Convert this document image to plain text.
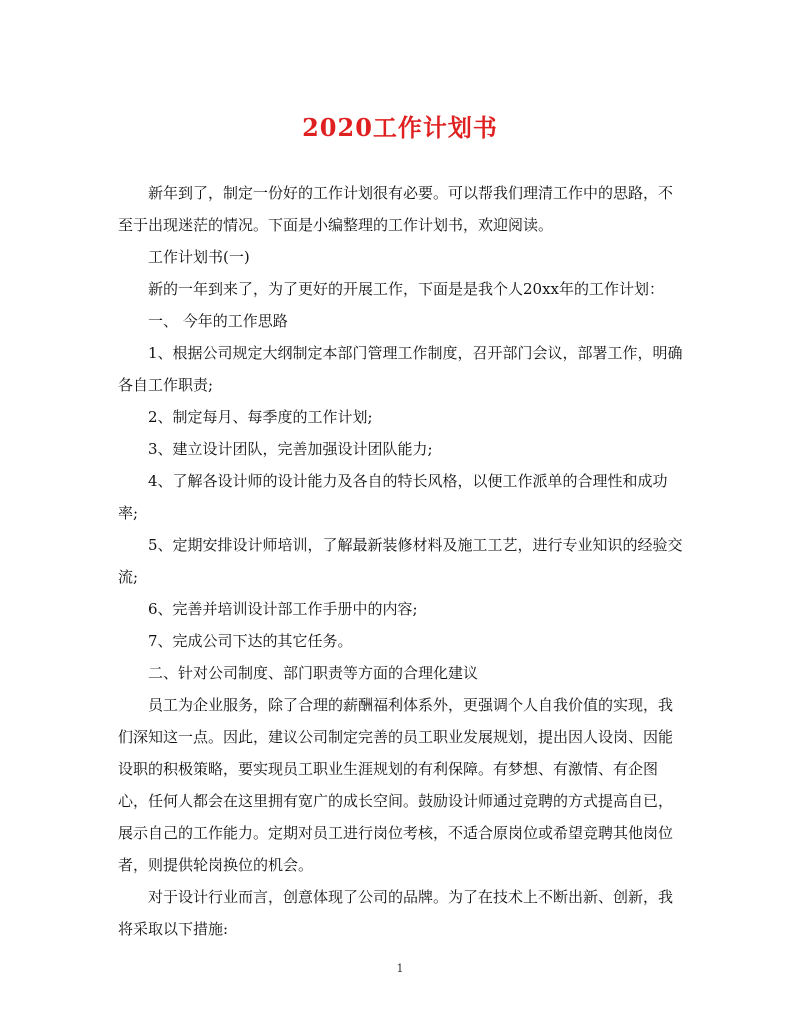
2020工作计划书

新年到了，制定一份好的工作计划很有必要。可以帮我们理清工作中的思路，不至于出现迷茫的情况。下面是小编整理的工作计划书，欢迎阅读。

工作计划书(一)

新的一年到来了，为了更好的开展工作，下面是是我个人20xx年的工作计划：

一、 今年的工作思路

1、根据公司规定大纲制定本部门管理工作制度，召开部门会议，部署工作，明确各自工作职责;

2、制定每月、每季度的工作计划;

3、建立设计团队，完善加强设计团队能力;

4、了解各设计师的设计能力及各自的特长风格，以便工作派单的合理性和成功率;

5、定期安排设计师培训，了解最新装修材料及施工工艺，进行专业知识的经验交流;

6、完善并培训设计部工作手册中的内容;

7、完成公司下达的其它任务。

二、针对公司制度、部门职责等方面的合理化建议

员工为企业服务，除了合理的薪酬福利体系外，更强调个人自我价值的实现，我们深知这一点。因此，建议公司制定完善的员工职业发展规划，提出因人设岗、因能设职的积极策略，要实现员工职业生涯规划的有利保障。有梦想、有激情、有企图心，任何人都会在这里拥有宽广的成长空间。鼓励设计师通过竞聘的方式提高自已，展示自己的工作能力。定期对员工进行岗位考核，不适合原岗位或希望竞聘其他岗位者，则提供轮岗换位的机会。

对于设计行业而言，创意体现了公司的品牌。为了在技术上不断出新、创新，我将采取以下措施:

1
